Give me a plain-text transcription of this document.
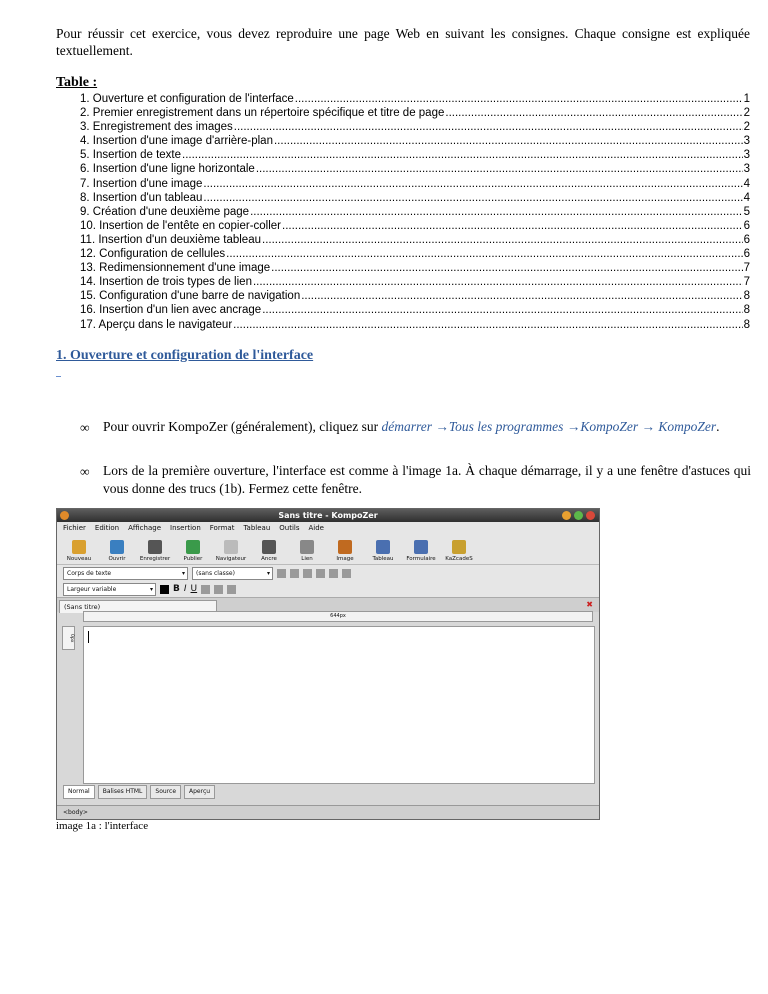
Pour réussir cet exercice, vous devez reproduire une page Web en suivant les consignes. Chaque consigne est expliquée textuellement.
Table :
1. Ouverture et configuration de l'interface .....	1
2. Premier enregistrement dans un répertoire spécifique et titre de page .....	2
3. Enregistrement des images .....	2
4. Insertion d'une image d'arrière-plan .....	3
5. Insertion de texte .....	3
6. Insertion d'une ligne horizontale .....	3
7. Insertion d'une image .....	4
8. Insertion d'un tableau .....	4
9. Création d'une deuxième page .....	5
10. Insertion de l'entête en copier-coller .....	6
11. Insertion d'un deuxième tableau .....	6
12. Configuration de cellules .....	6
13. Redimensionnement d'une image .....	7
14. Insertion de trois types de lien .....	7
15. Configuration d'une barre de navigation .....	8
16. Insertion d'un lien avec ancrage .....	8
17. Aperçu dans le navigateur .....	8
1. Ouverture et configuration de l'interface
∞ Pour ouvrir KompoZer (généralement), cliquez sur démarrer →Tous les programmes →KompoZer → KompoZer.
∞ Lors de la première ouverture, l'interface est comme à l'image 1a. À chaque démarrage, il y a une fenêtre d'astuces qui vous donne des trucs (1b). Fermez cette fenêtre.
Sans titre - KompoZer
Fichier Edition Affichage Insertion Format Tableau Outils Aide
Nouveau	Ouvrir	Enregistrer Publier Navigateur	Ancre	Lien	Image	Tableau Formulaire KaZcadeS
Corps de texte ▾	(sans classe) ▾
Largeur variable ▾	B I U
(Sans titre)	✖
644px
0px
Normal	Balises HTML	Source	Aperçu
<body>
image 1a : l'interface
